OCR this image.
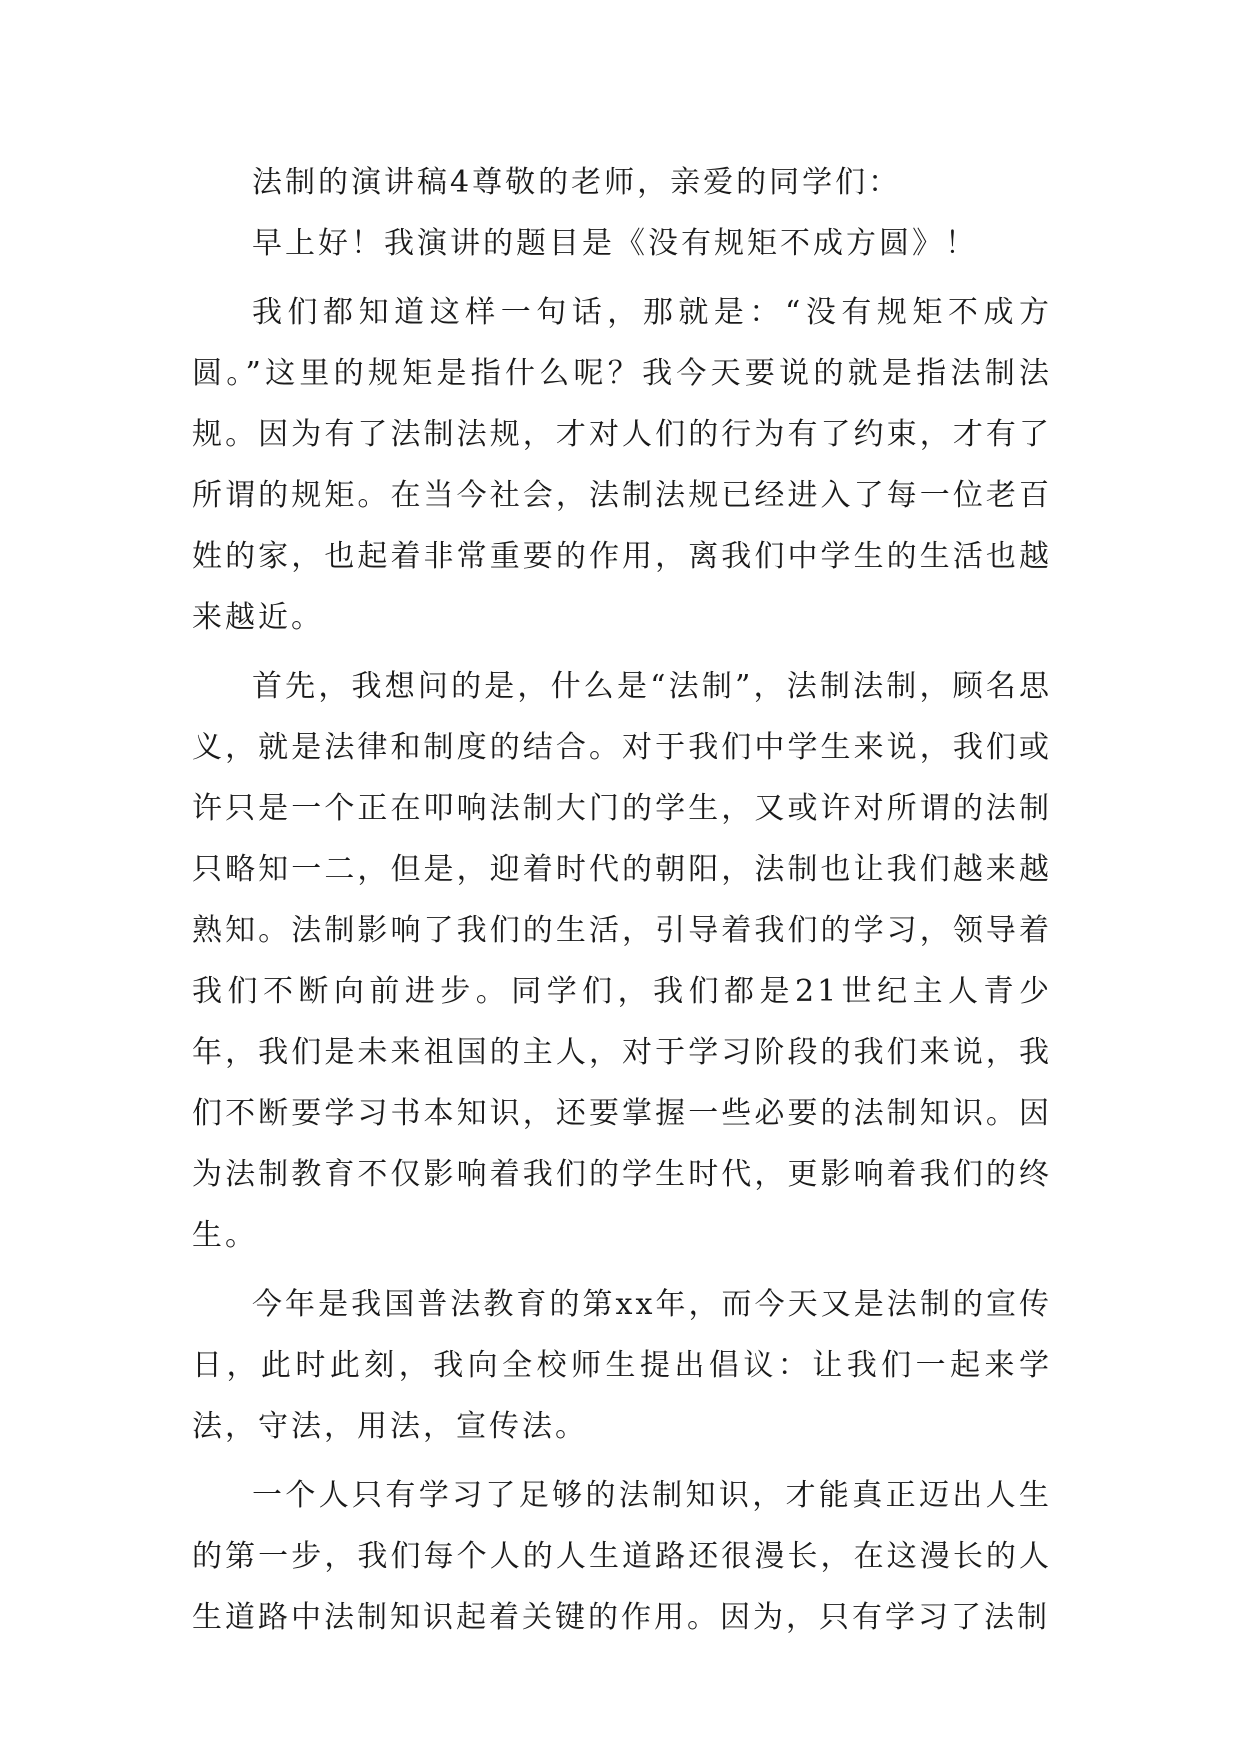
法制的演讲稿4尊敬的老师，亲爱的同学们：

早上好！我演讲的题目是《没有规矩不成方圆》！

我们都知道这样一句话，那就是：“没有规矩不成方圆。”这里的规矩是指什么呢？我今天要说的就是指法制法规。因为有了法制法规，才对人们的行为有了约束，才有了所谓的规矩。在当今社会，法制法规已经进入了每一位老百姓的家，也起着非常重要的作用，离我们中学生的生活也越来越近。

首先，我想问的是，什么是“法制”，法制法制，顾名思义，就是法律和制度的结合。对于我们中学生来说，我们或许只是一个正在叩响法制大门的学生，又或许对所谓的法制只略知一二，但是，迎着时代的朝阳，法制也让我们越来越熟知。法制影响了我们的生活，引导着我们的学习，领导着我们不断向前进步。同学们，我们都是21世纪主人青少年，我们是未来祖国的主人，对于学习阶段的我们来说，我们不断要学习书本知识，还要掌握一些必要的法制知识。因为法制教育不仅影响着我们的学生时代，更影响着我们的终生。

今年是我国普法教育的第xx年，而今天又是法制的宣传日，此时此刻，我向全校师生提出倡议：让我们一起来学法，守法，用法，宣传法。

一个人只有学习了足够的法制知识，才能真正迈出人生的第一步，我们每个人的人生道路还很漫长，在这漫长的人生道路中法制知识起着关键的作用。因为，只有学习了法制
